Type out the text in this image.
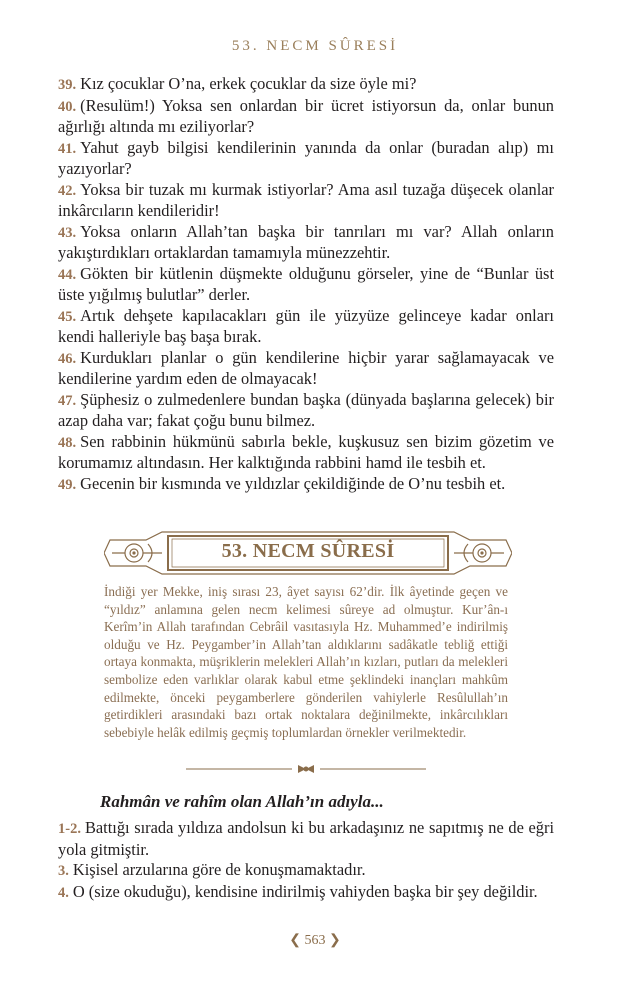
53. NECM SÛRESİ

39. Kız çocuklar O’na, erkek çocuklar da size öyle mi?

40. (Resulüm!) Yoksa sen onlardan bir ücret istiyorsun da, onlar bunun ağırlığı altında mı eziliyorlar?

41. Yahut gayb bilgisi kendilerinin yanında da onlar (buradan alıp) mı yazıyorlar?

42. Yoksa bir tuzak mı kurmak istiyorlar? Ama asıl tuzağa düşecek olanlar inkârcıların kendileridir!

43. Yoksa onların Allah’tan başka bir tanrıları mı var? Allah onların yakıştırdıkları ortaklardan tamamıyla münezzehtir.

44. Gökten bir kütlenin düşmekte olduğunu görseler, yine de “Bunlar üst üste yığılmış bulutlar” derler.

45. Artık dehşete kapılacakları gün ile yüzyüze gelinceye kadar onları kendi halleriyle baş başa bırak.

46. Kurdukları planlar o gün kendilerine hiçbir yarar sağlamayacak ve kendilerine yardım eden de olmayacak!

47. Şüphesiz o zulmedenlere bundan başka (dünyada başlarına gelecek) bir azap daha var; fakat çoğu bunu bilmez.

48. Sen rabbinin hükmünü sabırla bekle, kuşkusuz sen bizim gözetim ve korumamız altındasın. Her kalktığında rabbini hamd ile tesbih et.

49. Gecenin bir kısmında ve yıldızlar çekildiğinde de O’nu tesbih et.

53. NECM SÛRESİ

İndiği yer Mekke, iniş sırası 23, âyet sayısı 62’dir. İlk âyetinde geçen ve “yıldız” anlamına gelen necm kelimesi sûreye ad olmuştur. Kur’ân-ı Kerîm’in Allah tarafından Cebrâil vasıtasıyla Hz. Muhammed’e indirilmiş olduğu ve Hz. Peygamber’in Allah’tan aldıklarını sadâkatle tebliğ ettiği ortaya konmakta, müşriklerin melekleri Allah’ın kızları, putları da melekleri sembolize eden varlıklar olarak kabul etme şeklindeki inançları mahkûm edilmekte, önceki peygamberlere gönderilen vahiylerle Resûlullah’ın getirdikleri arasındaki bazı ortak noktalara değinilmekte, inkârcılıkları sebebiyle helâk edilmiş geçmiş toplumlardan örnekler verilmektedir.

Rahmân ve rahîm olan Allah’ın adıyla...

1-2. Battığı sırada yıldıza andolsun ki bu arkadaşınız ne sapıtmış ne de eğri yola gitmiştir.

3. Kişisel arzularına göre de konuşmamaktadır.

4. O (size okuduğu), kendisine indirilmiş vahiyden başka bir şey değildir.

❮ 563 ❯
